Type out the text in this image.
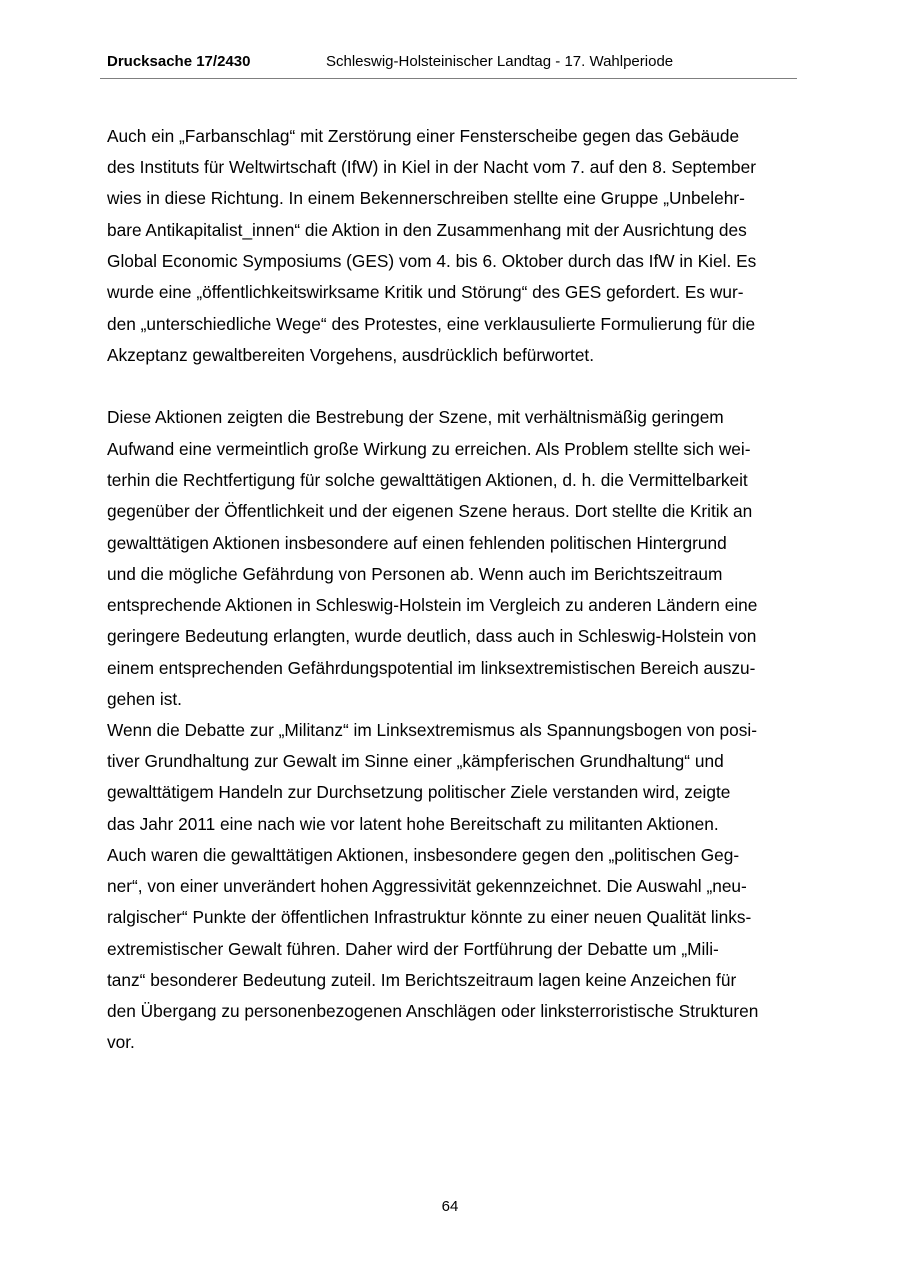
Drucksache 17/2430	Schleswig-Holsteinischer Landtag - 17. Wahlperiode
Auch ein „Farbanschlag“ mit Zerstörung einer Fensterscheibe gegen das Gebäude
des Instituts für Weltwirtschaft (IfW) in Kiel in der Nacht vom 7. auf den 8. September
wies in diese Richtung. In einem Bekennerschreiben stellte eine Gruppe „Unbelehr-
bare Antikapitalist_innen“ die Aktion in den Zusammenhang mit der Ausrichtung des
Global Economic Symposiums (GES) vom 4. bis 6. Oktober durch das IfW in Kiel. Es
wurde eine „öffentlichkeitswirksame Kritik und Störung“ des GES gefordert. Es wur-
den „unterschiedliche Wege“ des Protestes, eine verklausulierte Formulierung für die
Akzeptanz gewaltbereiten Vorgehens, ausdrücklich befürwortet.
Diese Aktionen zeigten die Bestrebung der Szene, mit verhältnismäßig geringem
Aufwand eine vermeintlich große Wirkung zu erreichen. Als Problem stellte sich wei-
terhin die Rechtfertigung für solche gewalttätigen Aktionen, d. h. die Vermittelbarkeit
gegenüber der Öffentlichkeit und der eigenen Szene heraus. Dort stellte die Kritik an
gewalttätigen Aktionen insbesondere auf einen fehlenden politischen Hintergrund
und die mögliche Gefährdung von Personen ab. Wenn auch im Berichtszeitraum
entsprechende Aktionen in Schleswig-Holstein im Vergleich zu anderen Ländern eine
geringere Bedeutung erlangten, wurde deutlich, dass auch in Schleswig-Holstein von
einem entsprechenden Gefährdungspotential im linksextremistischen Bereich auszu-
gehen ist.
Wenn die Debatte zur „Militanz“ im Linksextremismus als Spannungsbogen von posi-
tiver Grundhaltung zur Gewalt im Sinne einer „kämpferischen Grundhaltung“ und
gewalttätigem Handeln zur Durchsetzung politischer Ziele verstanden wird, zeigte
das Jahr 2011 eine nach wie vor latent hohe Bereitschaft zu militanten Aktionen.
Auch waren die gewalttätigen Aktionen, insbesondere gegen den „politischen Geg-
ner“, von einer unverändert hohen Aggressivität gekennzeichnet. Die Auswahl „neu-
ralgischer“ Punkte der öffentlichen Infrastruktur könnte zu einer neuen Qualität links-
extremistischer Gewalt führen. Daher wird der Fortführung der Debatte um „Mili-
tanz“ besonderer Bedeutung zuteil. Im Berichtszeitraum lagen keine Anzeichen für
den Übergang zu personenbezogenen Anschlägen oder linksterroristische Strukturen
vor.
64
